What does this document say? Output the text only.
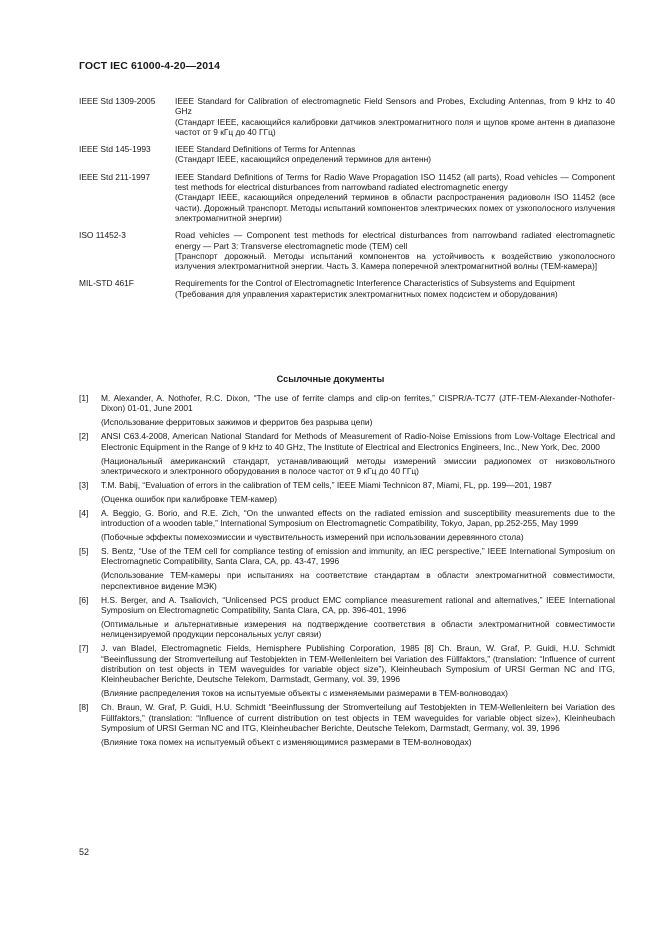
ГОСТ IEC 61000-4-20—2014
IEEE Std 1309-2005	IEEE Standard for Calibration of electromagnetic Field Sensors and Probes, Excluding Antennas, from 9 kHz to 40 GHz
(Стандарт IEEE, касающийся калибровки датчиков электромагнитного поля и щупов кроме антенн в диапазоне частот от 9 кГц до 40 ГГц)
IEEE Std 145-1993	IEEE Standard Definitions of Terms for Antennas
(Стандарт IEEE, касающийся определений терминов для антенн)
IEEE Std 211-1997	IEEE Standard Definitions of Terms for Radio Wave Propagation ISO 11452 (all parts), Road vehicles — Component test methods for electrical disturbances from narrowband radiated electromagnetic energy
(Стандарт IEEE, касающийся определений терминов в области распространения радиоволн ISO 11452 (все части). Дорожный транспорт. Методы испытаний компонентов электрических помех от узкополосного излучения электромагнитной энергии)
ISO 11452-3	Road vehicles — Component test methods for electrical disturbances from narrowband radiated electromagnetic energy — Part 3: Transverse electromagnetic mode (TEM) cell
[Транспорт дорожный. Методы испытаний компонентов на устойчивость к воздействию узкополосного излучения электромагнитной энергии. Часть 3. Камера поперечной электромагнитной волны (TEM-камера)]
MIL-STD 461F	Requirements for the Control of Electromagnetic Interference Characteristics of Subsystems and Equipment
(Требования для управления характеристик электромагнитных помех подсистем и оборудования)
Ссылочные документы
[1]	M. Alexander, A. Nothofer, R.C. Dixon, “The use of ferrite clamps and clip-on ferrites,” CISPR/A-TC77 (JTF-TEM-Alexander-Nothofer-Dixon) 01-01, June 2001
(Использование ферритовых зажимов и ферритов без разрыва цепи)
[2]	ANSI C63.4-2008, American National Standard for Methods of Measurement of Radio-Noise Emissions from Low-Voltage Electrical and Electronic Equipment in the Range of 9 kHz to 40 GHz, The Institute of Electrical and Electronics Engineers, Inc., New York, Dec. 2000
(Национальный американский стандарт, устанавливающий методы измерений эмиссии радиопомех от низковольтного электрического и электронного оборудования в полосе частот от 9 кГц до 40 ГГц)
[3]	T.M. Babij, “Evaluation of errors in the calibration of TEM cells,” IEEE Miami Technicon 87, Miami, FL, pp. 199—201, 1987
(Оценка ошибок при калибровке TEM-камер)
[4]	A. Beggio, G. Borio, and R.E. Zich, “On the unwanted effects on the radiated emission and susceptibility measurements due to the introduction of a wooden table,” International Symposium on Electromagnetic Compatibility, Tokyo, Japan, pp.252-255, May 1999
(Побочные эффекты помехоэмиссии и чувствительность измерений при использовании деревянного стола)
[5]	S. Bentz, “Use of the TEM cell for compliance testing of emission and immunity, an IEC perspective,” IEEE International Symposium on Electromagnetic Compatibility, Santa Clara, CA, pp. 43-47, 1996
(Использование TEM-камеры при испытаниях на соответствие стандартам в области электромагнитной совместимости, перспективное видение МЭК)
[6]	H.S. Berger, and A. Tsaliovich, “Unlicensed PCS product EMC compliance measurement rational and alternatives,” IEEE International Symposium on Electromagnetic Compatibility, Santa Clara, CA, pp. 396-401, 1996
(Оптимальные и альтернативные измерения на подтверждение соответствия в области электромагнитной совместимости нелицензируемой продукции персональных услуг связи)
[7]	J. van Bladel, Electromagnetic Fields, Hemisphere Publishing Corporation, 1985 [8] Ch. Braun, W. Graf, P. Guidi, H.U. Schmidt “Beeinflussung der Stromverteilung auf Testobjekten in TEM-Wellenleitern bei Variation des Füllfaktors,” (translation: “Influence of current distribution on test objects in TEM waveguides for variable object size”), Kleinheubach Symposium of URSI German NC and ITG, Kleinheubacher Berichte, Deutsche Telekom, Darmstadt, Germany, vol. 39, 1996
(Влияние распределения токов на испытуемые объекты с изменяемыми размерами в TEM-волноводах)
[8]	Ch. Braun, W. Graf, P. Guidi, H.U. Schmidt “Beeinflussung der Stromverteilung auf Testobjekten in TEM-Wellenleitern bei Variation des Füllfaktors,” (translation: “Influence of current distribution on test objects in TEM waveguides for variable object size»), Kleinheubach Symposium of URSI German NC and ITG, Kleinheubacher Berichte, Deutsche Telekom, Darmstadt, Germany, vol. 39, 1996
(Влияние тока помех на испытуемый объект с изменяющимися размерами в TEM-волноводах)
52
